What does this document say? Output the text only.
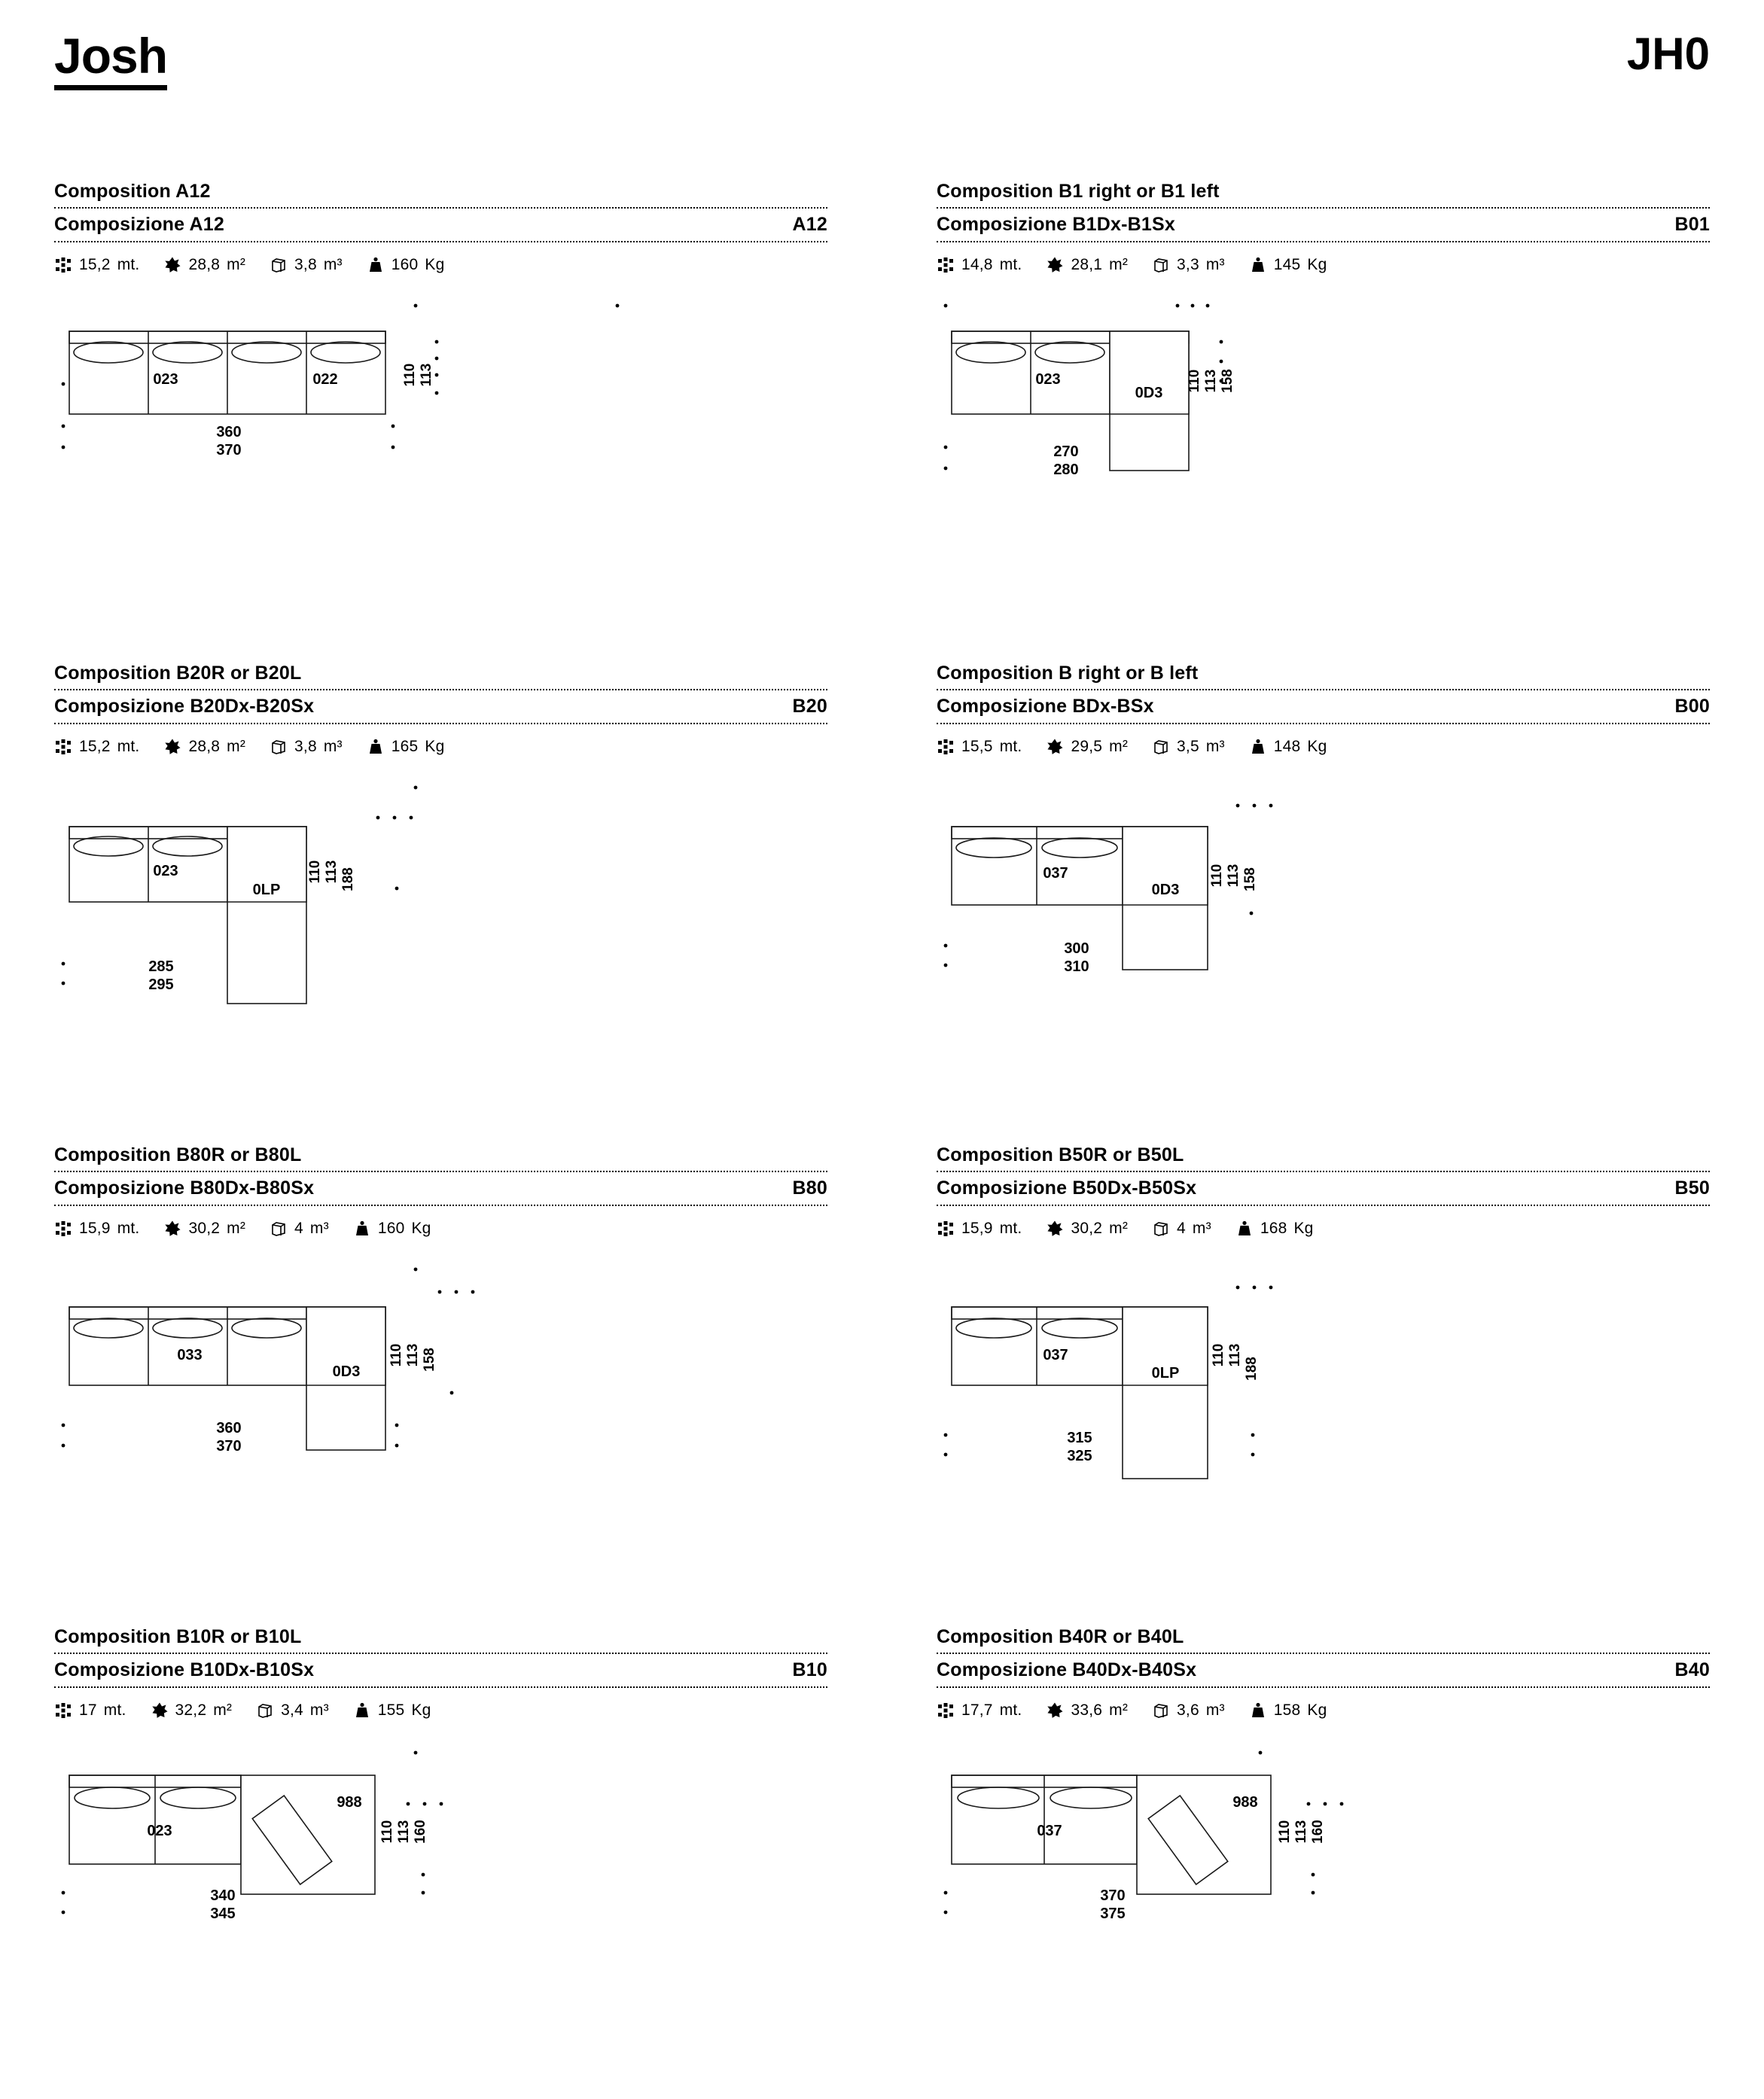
Josh	JH0
Composition A12
Composizione A12	A12
15,2 mt.	28,8 m²	3,8 m³	160 Kg
023	022	110 113
360
370
Composition B1 right or B1 left
Composizione B1Dx-B1Sx	B01
14,8 mt.	28,1 m²	3,3 m³	145 Kg
023
0D3
110 113 158
270
280
Composition B20R or B20L
Composizione B20Dx-B20Sx	B20
15,2 mt.	28,8 m²	3,8 m³	165 Kg
023
0LP
110 113 188
285
295
Composition B right or B left
Composizione BDx-BSx	B00
15,5 mt.	29,5 m²	3,5 m³	148 Kg
037
0D3
110 113 158
300
310
Composition B80R or B80L
Composizione B80Dx-B80Sx	B80
15,9 mt.	30,2 m²	4 m³	160 Kg
033
0D3
110 113 158
360
370
Composition B50R or B50L
Composizione B50Dx-B50Sx	B50
15,9 mt.	30,2 m²	4 m³	168 Kg
037
0LP
110 113
188
315
325
Composition B10R or B10L
Composizione B10Dx-B10Sx	B10
17 mt.	32,2 m²	3,4 m³	155 Kg
023
988
110 113 160
340
345
Composition B40R or B40L
Composizione B40Dx-B40Sx	B40
17,7 mt.	33,6 m²	3,6 m³	158 Kg
037
988
110 113 160
370
375
